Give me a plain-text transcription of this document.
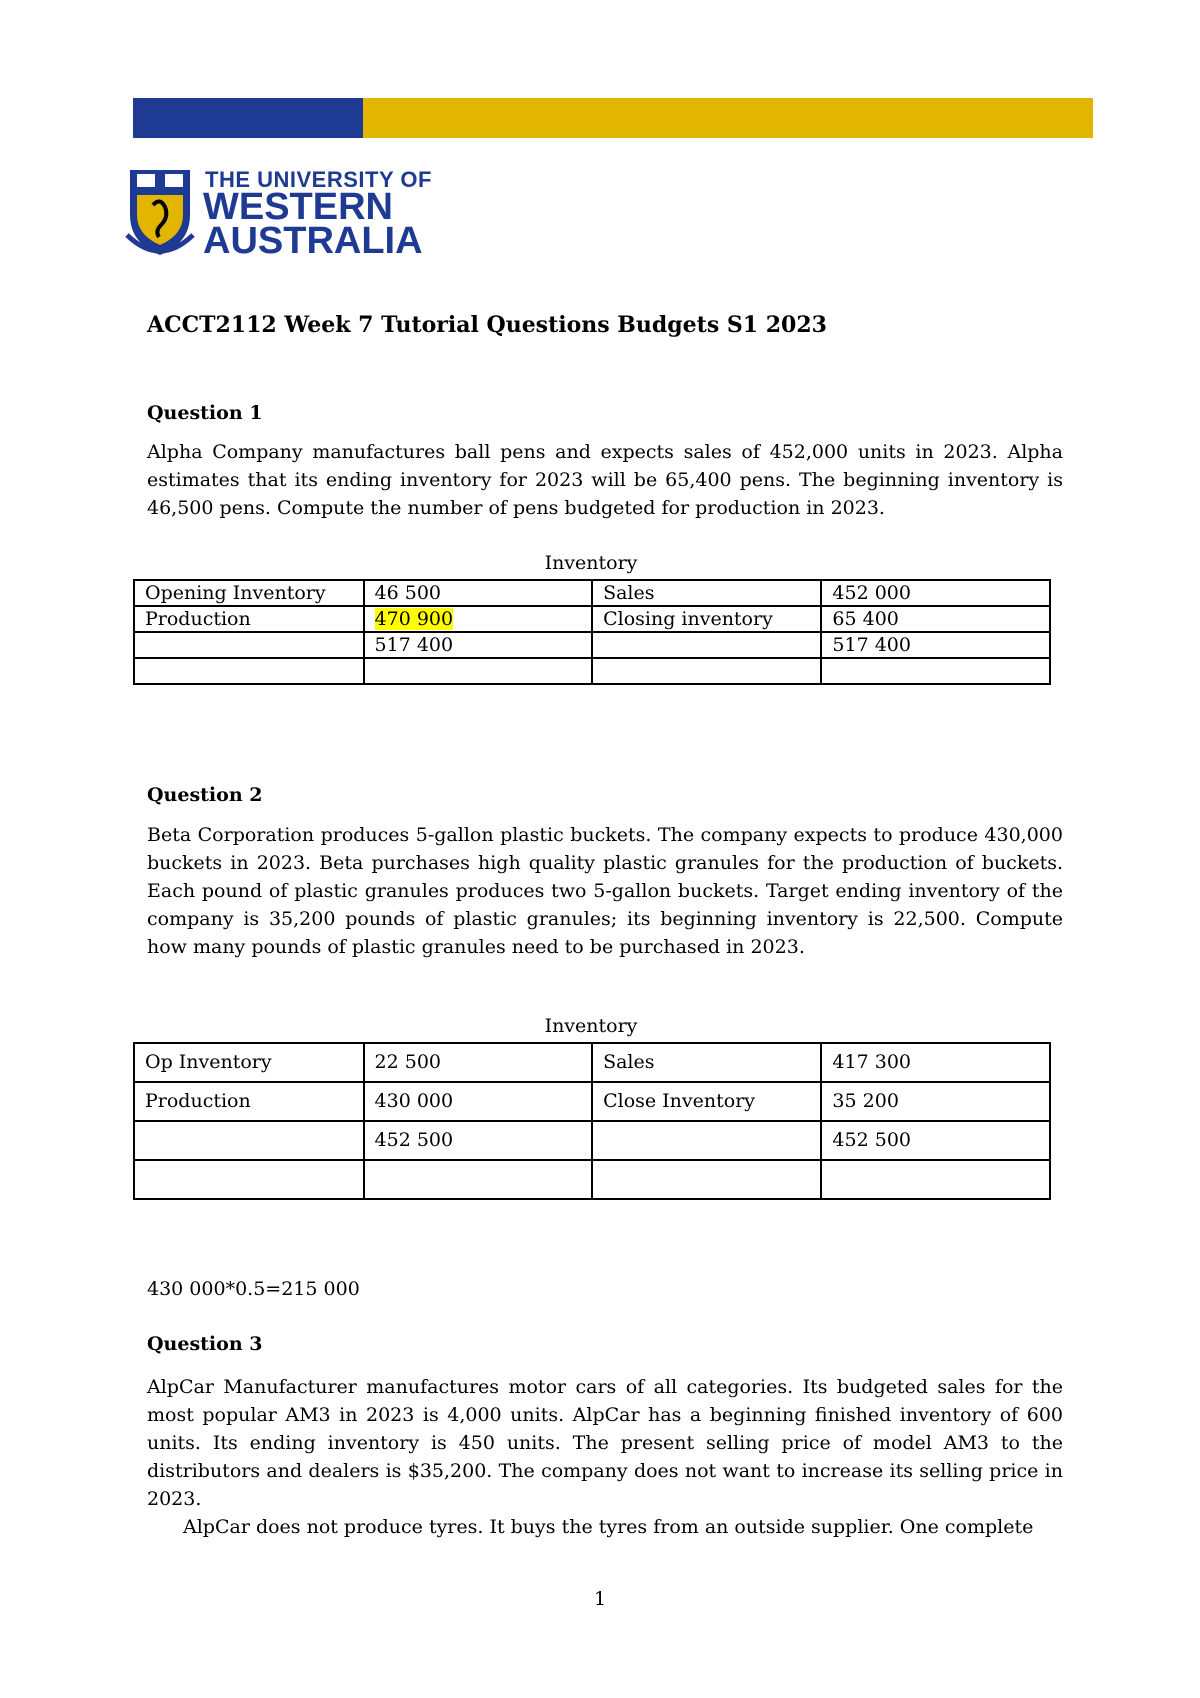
THE UNIVERSITY OF
WESTERN
AUSTRALIA
ACCT2112 Week 7 Tutorial Questions Budgets S1 2023
Question 1
Alpha Company manufactures ball pens and expects sales of 452,000 units in 2023. Alpha estimates that its ending inventory for 2023 will be 65,400 pens. The beginning inventory is 46,500 pens. Compute the number of pens budgeted for production in 2023.
Inventory
Opening Inventory	46 500	Sales	452 000
Production	470 900	Closing inventory	65 400
	517 400		517 400

Question 2
Beta Corporation produces 5-gallon plastic buckets. The company expects to produce 430,000 buckets in 2023. Beta purchases high quality plastic granules for the production of buckets. Each pound of plastic granules produces two 5-gallon buckets. Target ending inventory of the company is 35,200 pounds of plastic granules; its beginning inventory is 22,500. Compute how many pounds of plastic granules need to be purchased in 2023.
Inventory
Op Inventory	22 500	Sales	417 300
Production	430 000	Close Inventory	35 200
	452 500		452 500

430 000*0.5=215 000
Question 3
AlpCar Manufacturer manufactures motor cars of all categories. Its budgeted sales for the most popular AM3 in 2023 is 4,000 units. AlpCar has a beginning finished inventory of 600 units. Its ending inventory is 450 units. The present selling price of model AM3 to the distributors and dealers is $35,200. The company does not want to increase its selling price in 2023.
AlpCar does not produce tyres. It buys the tyres from an outside supplier. One complete
1
